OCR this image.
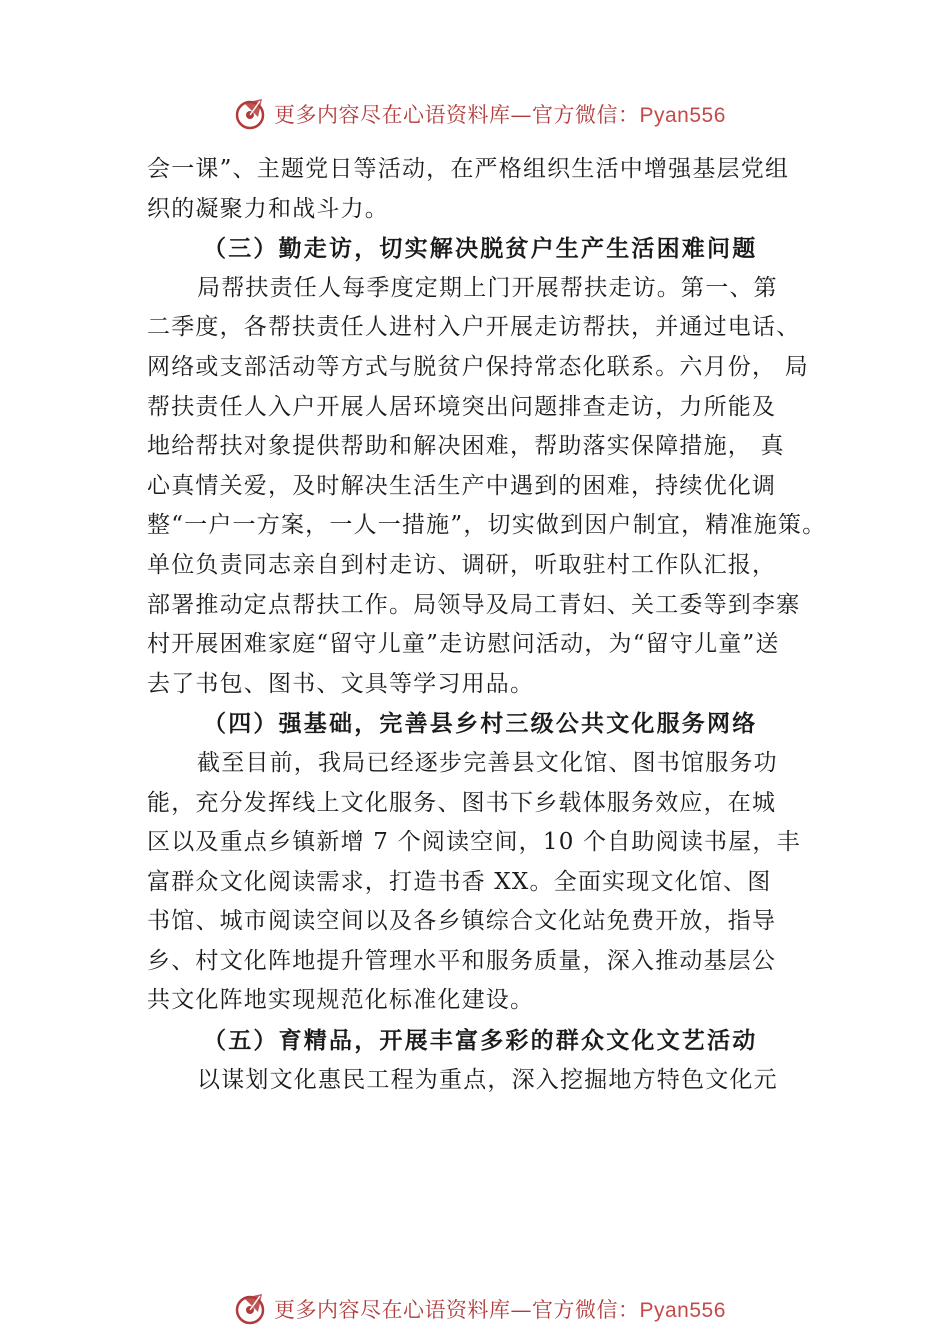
更多内容尽在心语资料库—官方微信：Pyan556
会一课”、主题党日等活动，在严格组织生活中增强基层党组
织的凝聚力和战斗力。
（三）勤走访，切实解决脱贫户生产生活困难问题
局帮扶责任人每季度定期上门开展帮扶走访。第一、第
二季度，各帮扶责任人进村入户开展走访帮扶，并通过电话、
网络或支部活动等方式与脱贫户保持常态化联系。六月份， 局
帮扶责任人入户开展人居环境突出问题排查走访，力所能及
地给帮扶对象提供帮助和解决困难，帮助落实保障措施， 真
心真情关爱，及时解决生活生产中遇到的困难，持续优化调
整“一户一方案，一人一措施”，切实做到因户制宜，精准施策。
单位负责同志亲自到村走访、调研，听取驻村工作队汇报，
部署推动定点帮扶工作。局领导及局工青妇、关工委等到李寨
村开展困难家庭“留守儿童”走访慰问活动，为“留守儿童”送
去了书包、图书、文具等学习用品。
（四）强基础，完善县乡村三级公共文化服务网络
截至目前，我局已经逐步完善县文化馆、图书馆服务功
能，充分发挥线上文化服务、图书下乡载体服务效应，在城
区以及重点乡镇新增 7 个阅读空间，10 个自助阅读书屋，丰
富群众文化阅读需求，打造书香 XX。全面实现文化馆、图
书馆、城市阅读空间以及各乡镇综合文化站免费开放，指导
乡、村文化阵地提升管理水平和服务质量，深入推动基层公
共文化阵地实现规范化标准化建设。
（五）育精品，开展丰富多彩的群众文化文艺活动
以谋划文化惠民工程为重点，深入挖掘地方特色文化元
更多内容尽在心语资料库—官方微信：Pyan556
